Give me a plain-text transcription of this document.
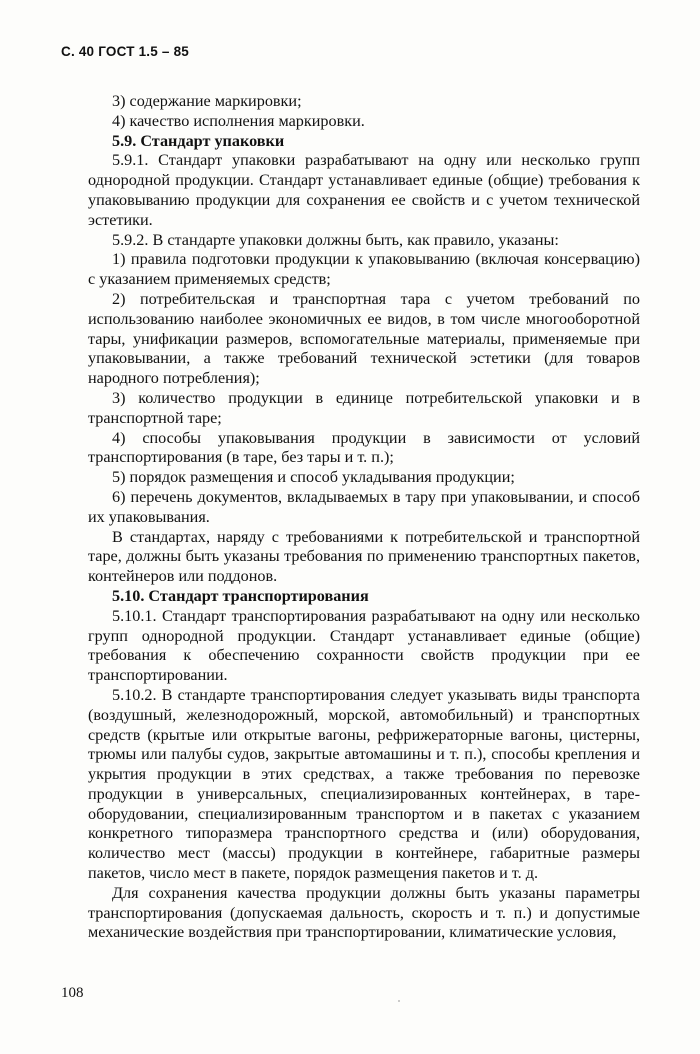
С. 40 ГОСТ 1.5 – 85

3) содержание маркировки;

4) качество исполнения маркировки.

5.9. Стандарт упаковки

5.9.1. Стандарт упаковки разрабатывают на одну или несколько групп однородной продукции. Стандарт устанавливает единые (общие) требования к упаковыванию продукции для сохранения ее свойств и с учетом технической эстетики.

5.9.2. В стандарте упаковки должны быть, как правило, указаны:

1) правила подготовки продукции к упаковыванию (включая консервацию) с указанием применяемых средств;

2) потребительская и транспортная тара с учетом требований по использованию наиболее экономичных ее видов, в том числе многооборотной тары, унификации размеров, вспомогательные материалы, применяемые при упаковывании, а также требований технической эстетики (для товаров народного потребления);

3) количество продукции в единице потребительской упаковки и в транспортной таре;

4) способы упаковывания продукции в зависимости от условий транспортирования (в таре, без тары и т. п.);

5) порядок размещения и способ укладывания продукции;

6) перечень документов, вкладываемых в тару при упаковывании, и способ их упаковывания.

В стандартах, наряду с требованиями к потребительской и транспортной таре, должны быть указаны требования по применению транспортных пакетов, контейнеров или поддонов.

5.10. Стандарт транспортирования

5.10.1. Стандарт транспортирования разрабатывают на одну или несколько групп однородной продукции. Стандарт устанавливает единые (общие) требования к обеспечению сохранности свойств продукции при ее транспортировании.

5.10.2. В стандарте транспортирования следует указывать виды транспорта (воздушный, железнодорожный, морской, автомобильный) и транспортных средств (крытые или открытые вагоны, рефрижераторные вагоны, цистерны, трюмы или палубы судов, закрытые автомашины и т. п.), способы крепления и укрытия продукции в этих средствах, а также требования по перевозке продукции в универсальных, специализированных контейнерах, в таре-оборудовании, специализированным транспортом и в пакетах с указанием конкретного типоразмера транспортного средства и (или) оборудования, количество мест (массы) продукции в контейнере, габаритные размеры пакетов, число мест в пакете, порядок размещения пакетов и т. д.

Для сохранения качества продукции должны быть указаны параметры транспортирования (допускаемая дальность, скорость и т. п.) и допустимые механические воздействия при транспортировании, климатические условия,

108
